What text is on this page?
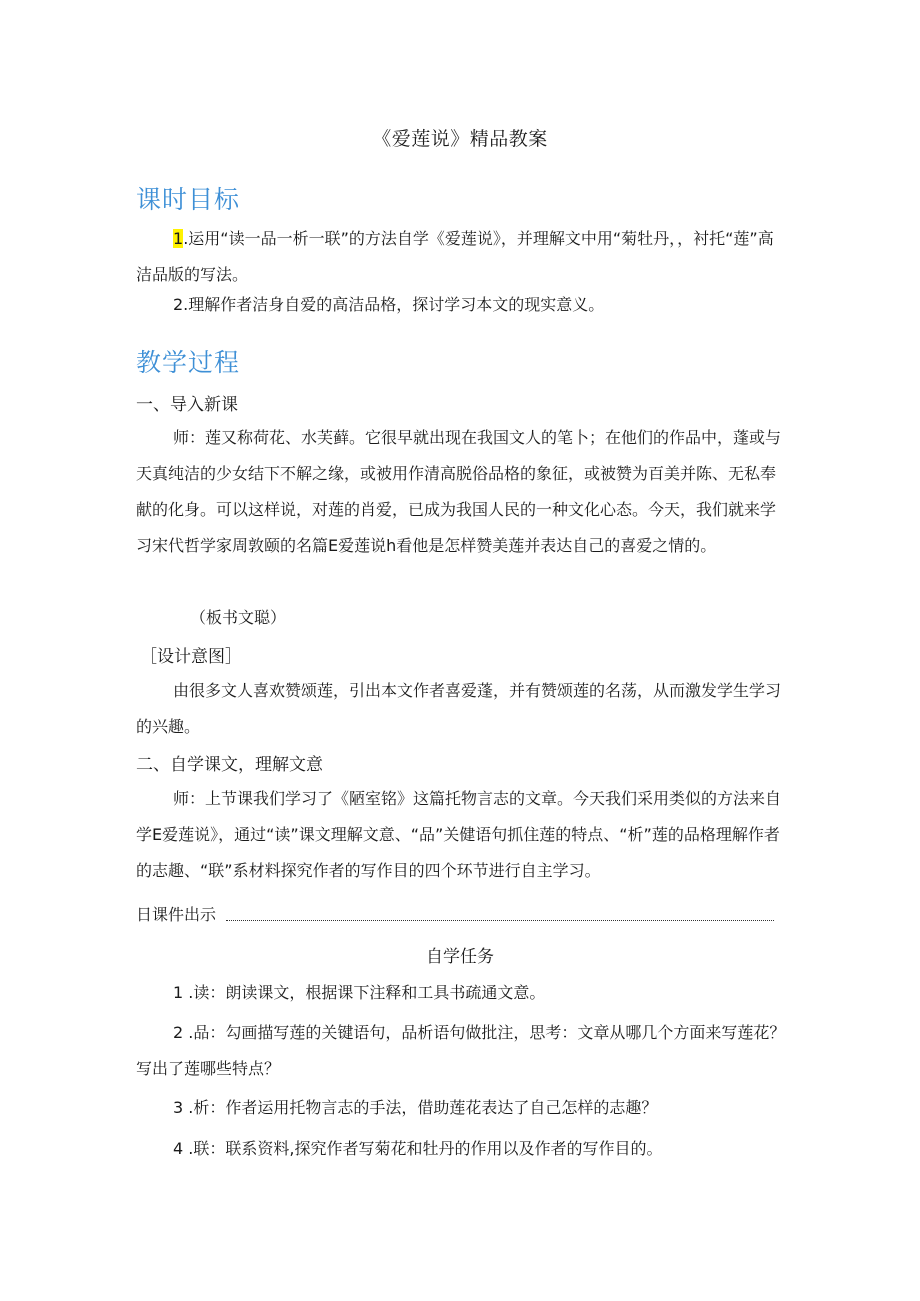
《爱莲说》精品教案
课时目标

1.运用“读一品一析一联”的方法自学《爱莲说》，并理解文中用“菊牡丹，，衬托“莲”高洁品版的写法。

2.理解作者洁身自爱的高洁品格，探讨学习本文的现实意义。

教学过程
一、导入新课

师：莲又称荷花、水芙藓。它很早就出现在我国文人的笔卜；在他们的作品中，蓬或与天真纯洁的少女结下不解之缘，或被用作清高脱俗品格的象征，或被赞为百美并陈、无私奉献的化身。可以这样说，对莲的肖爱，已成为我国人民的一种文化心态。今天，我们就来学习宋代哲学家周敦颐的名篇E爱莲说h看他是怎样赞美莲并表达自己的喜爱之情的。

（板书文聪）
［设计意图］

由很多文人喜欢赞颂莲，引出本文作者喜爱蓬，并有赞颂莲的名荡，从而激发学生学习的兴趣。

二、自学课文，理解文意

师：上节课我们学习了《陋室铭》这篇托物言志的文章。今天我们采用类似的方法来自学E爱莲说》，通过“读”课文理解文意、“品”关健语句抓住莲的特点、“析”莲的品格理解作者的志趣、“联”系材料探究作者的写作目的四个环节进行自主学习。

日课件出示
自学任务

1 .读：朗读课文，根据课下注释和工具书疏通文意。

2 .品：勾画描写莲的关键语句，品析语句做批注，思考：文章从哪几个方面来写莲花？写出了莲哪些特点？

3 .析：作者运用托物言志的手法，借助莲花表达了自己怎样的志趣？

4 .联：联系资料,探究作者写菊花和牡丹的作用以及作者的写作目的。
